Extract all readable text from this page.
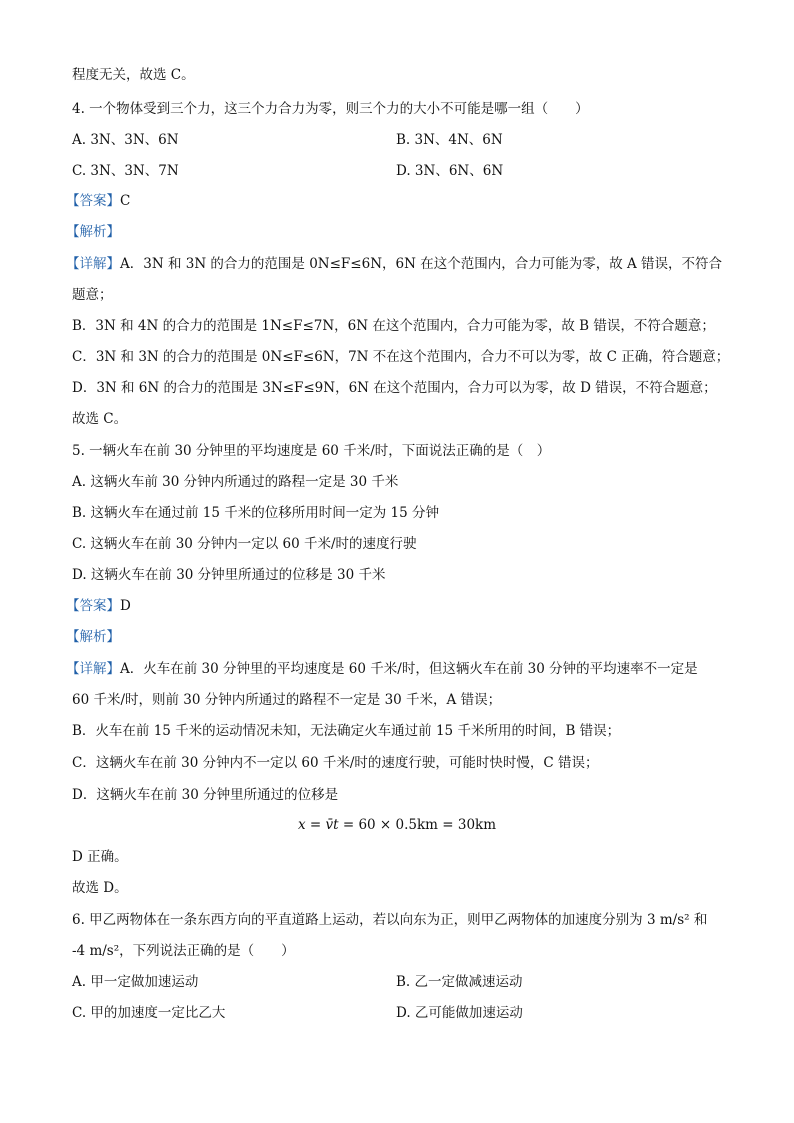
程度无关，故选 C。
4. 一个物体受到三个力，这三个力合力为零，则三个力的大小不可能是哪一组（　　）
A. 3N、3N、6N	B. 3N、4N、6N
C. 3N、3N、7N	D. 3N、6N、6N
【答案】C
【解析】
【详解】A．3N 和 3N 的合力的范围是 0N≤F≤6N，6N 在这个范围内，合力可能为零，故 A 错误，不符合
题意；
B．3N 和 4N 的合力的范围是 1N≤F≤7N，6N 在这个范围内，合力可能为零，故 B 错误，不符合题意；
C．3N 和 3N 的合力的范围是 0N≤F≤6N，7N 不在这个范围内，合力不可以为零，故 C 正确，符合题意；
D．3N 和 6N 的合力的范围是 3N≤F≤9N，6N 在这个范围内，合力可以为零，故 D 错误，不符合题意；
故选 C。
5. 一辆火车在前 30 分钟里的平均速度是 60 千米/时，下面说法正确的是（　）
A. 这辆火车前 30 分钟内所通过的路程一定是 30 千米
B. 这辆火车在通过前 15 千米的位移所用时间一定为 15 分钟
C. 这辆火车在前 30 分钟内一定以 60 千米/时的速度行驶
D. 这辆火车在前 30 分钟里所通过的位移是 30 千米
【答案】D
【解析】
【详解】A．火车在前 30 分钟里的平均速度是 60 千米/时，但这辆火车在前 30 分钟的平均速率不一定是
60 千米/时，则前 30 分钟内所通过的路程不一定是 30 千米，A 错误；
B．火车在前 15 千米的运动情况未知，无法确定火车通过前 15 千米所用的时间，B 错误；
C．这辆火车在前 30 分钟内不一定以 60 千米/时的速度行驶，可能时快时慢，C 错误；
D．这辆火车在前 30 分钟里所通过的位移是
x = v̄t = 60 × 0.5km = 30km
D 正确。
故选 D。
6. 甲乙两物体在一条东西方向的平直道路上运动，若以向东为正，则甲乙两物体的加速度分别为 3 m/s² 和
-4 m/s²，下列说法正确的是（　　）
A. 甲一定做加速运动	B. 乙一定做减速运动
C. 甲的加速度一定比乙大	D. 乙可能做加速运动
